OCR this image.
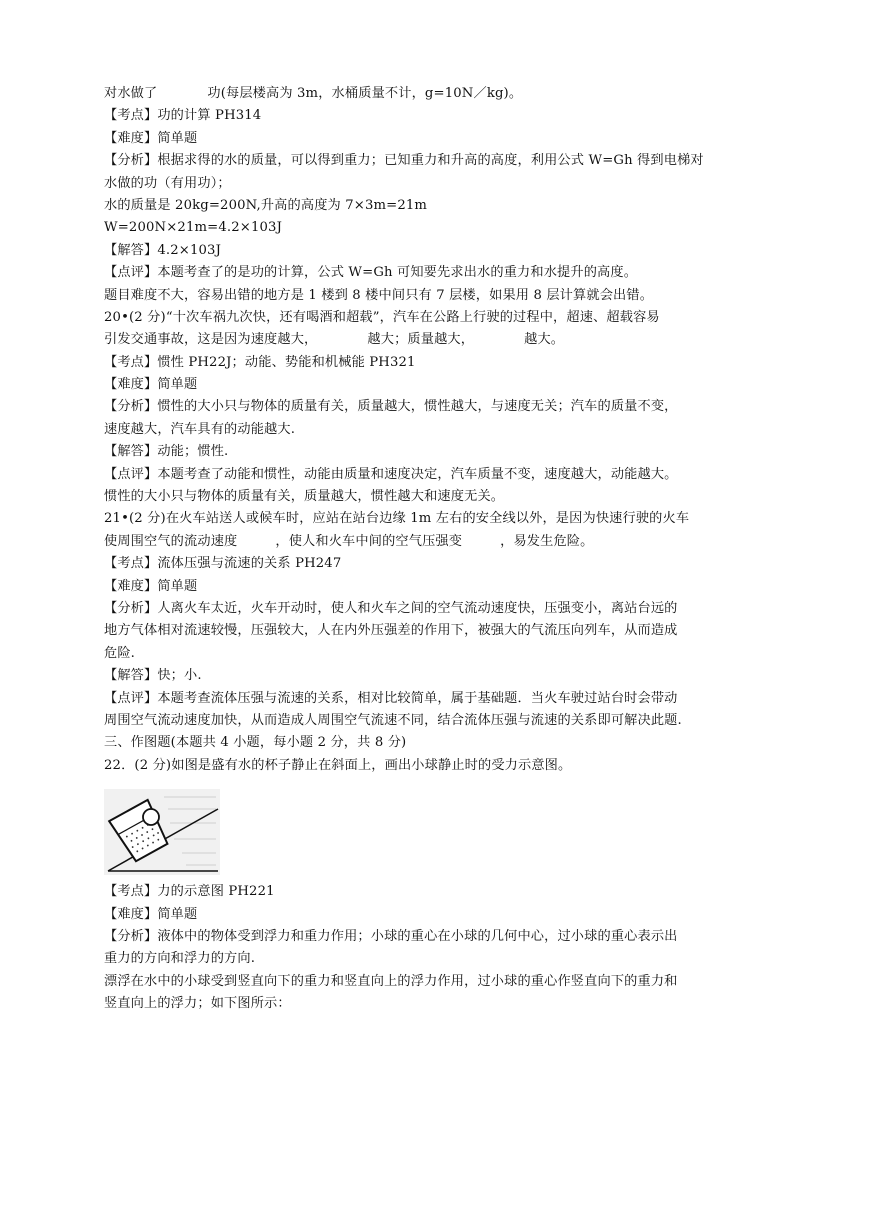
对水做了	功(每层楼高为 3m，水桶质量不计，g=10N／kg)。
【考点】功的计算 PH314
【难度】简单题
【分析】根据求得的水的质量，可以得到重力；已知重力和升高的高度，利用公式 W=Gh 得到电梯对
水做的功（有用功）；
水的质量是 20kg=200N,升高的高度为 7×3m=21m
W=200N×21m=4.2×103J
【解答】4.2×103J
【点评】本题考查了的是功的计算，公式 W=Gh 可知要先求出水的重力和水提升的高度。
题目难度不大，容易出错的地方是 1 楼到 8 楼中间只有 7 层楼，如果用 8 层计算就会出错。
20•(2 分)“十次车祸九次快，还有喝酒和超载”，汽车在公路上行驶的过程中，超速、超载容易
引发交通事故，这是因为速度越大，	越大；质量越大，	越大。
【考点】惯性 PH22J；动能、势能和机械能 PH321
【难度】简单题
【分析】惯性的大小只与物体的质量有关，质量越大，惯性越大，与速度无关；汽车的质量不变，
速度越大，汽车具有的动能越大.
【解答】动能；惯性.
【点评】本题考查了动能和惯性，动能由质量和速度决定，汽车质量不变，速度越大，动能越大。
惯性的大小只与物体的质量有关，质量越大，惯性越大和速度无关。
21•(2 分)在火车站送人或候车时，应站在站台边缘 1m 左右的安全线以外，是因为快速行驶的火车
使周围空气的流动速度	，使人和火车中间的空气压强变	，易发生危险。
【考点】流体压强与流速的关系 PH247
【难度】简单题
【分析】人离火车太近，火车开动时，使人和火车之间的空气流动速度快，压强变小，离站台远的
地方气体相对流速较慢，压强较大，人在内外压强差的作用下，被强大的气流压向列车，从而造成
危险.
【解答】快；小.
【点评】本题考查流体压强与流速的关系，相对比较简单，属于基础题．当火车驶过站台时会带动
周围空气流动速度加快，从而造成人周围空气流速不同，结合流体压强与流速的关系即可解决此题.
三、作图题(本题共 4 小题，每小题 2 分，共 8 分)
22．(2 分)如图是盛有水的杯子静止在斜面上，画出小球静止时的受力示意图。
【考点】力的示意图 PH221
【难度】简单题
【分析】液体中的物体受到浮力和重力作用；小球的重心在小球的几何中心，过小球的重心表示出
重力的方向和浮力的方向.
漂浮在水中的小球受到竖直向下的重力和竖直向上的浮力作用，过小球的重心作竖直向下的重力和
竖直向上的浮力；如下图所示：
